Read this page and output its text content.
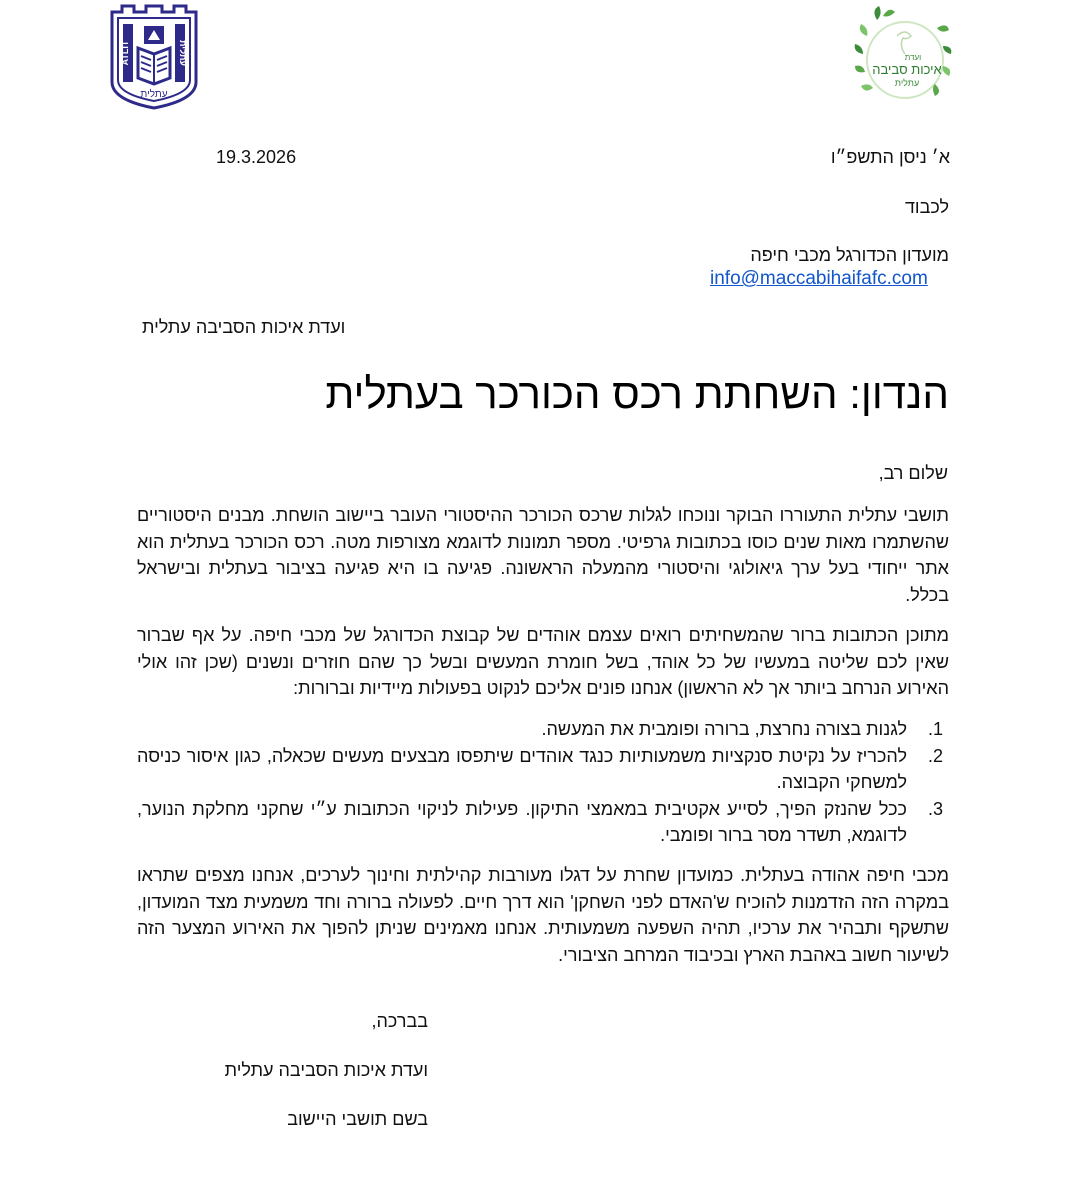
ATLIT	עתלית
עתלית
ועדת
איכות סביבה
עתלית
א׳ ניסן התשפ״ו
19.3.2026
לכבוד
מועדון הכדורגל מכבי חיפה
info@maccabihaifafc.com
ועדת איכות הסביבה עתלית
הנדון: השחתת רכס הכורכר בעתלית
שלום רב,

תושבי עתלית התעוררו הבוקר ונוכחו לגלות שרכס הכורכר ההיסטורי העובר ביישוב הושחת. מבנים היסטוריים שהשתמרו מאות שנים כוסו בכתובות גרפיטי. מספר תמונות לדוגמא מצורפות מטה. רכס הכורכר בעתלית הוא אתר ייחודי בעל ערך גיאולוגי והיסטורי מהמעלה הראשונה. פגיעה בו היא פגיעה בציבור בעתלית ובישראל בכלל.

מתוכן הכתובות ברור שהמשחיתים רואים עצמם אוהדים של קבוצת הכדורגל של מכבי חיפה. על אף שברור שאין לכם שליטה במעשיו של כל אוהד, בשל חומרת המעשים ובשל כך שהם חוזרים ונשנים (שכן זהו אולי האירוע הנרחב ביותר אך לא הראשון) אנחנו פונים אליכם לנקוט בפעולות מיידיות וברורות:

1.
לגנות בצורה נחרצת, ברורה ופומבית את המעשה.
2.
להכריז על נקיטת סנקציות משמעותיות כנגד אוהדים שיתפסו מבצעים מעשים שכאלה, כגון איסור כניסה למשחקי הקבוצה.
3.
ככל שהנזק הפיך, לסייע אקטיבית במאמצי התיקון. פעילות לניקוי הכתובות ע״י שחקני מחלקת הנוער, לדוגמא, תשדר מסר ברור ופומבי.

מכבי חיפה אהודה בעתלית. כמועדון שחרת על דגלו מעורבות קהילתית וחינוך לערכים, אנחנו מצפים שתראו במקרה הזה הזדמנות להוכיח ש'האדם לפני השחקן' הוא דרך חיים. לפעולה ברורה וחד משמעית מצד המועדון, שתשקף ותבהיר את ערכיו, תהיה השפעה משמעותית. אנחנו מאמינים שניתן להפוך את האירוע המצער הזה לשיעור חשוב באהבת הארץ ובכיבוד המרחב הציבורי.

בברכה,
ועדת איכות הסביבה עתלית
בשם תושבי היישוב
